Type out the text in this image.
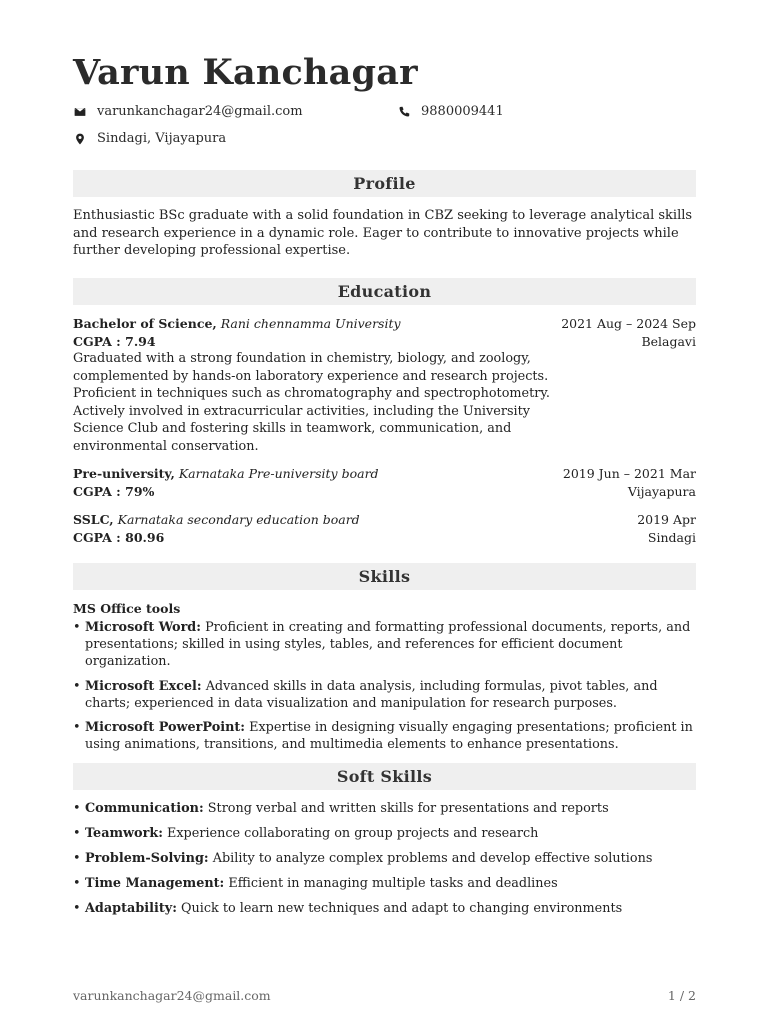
Varun Kanchagar
varunkanchagar24@gmail.com	9880009441
Sindagi, Vijayapura
Profile
Enthusiastic BSc graduate with a solid foundation in CBZ seeking to leverage analytical skills and research experience in a dynamic role. Eager to contribute to innovative projects while further developing professional expertise.
Education
Bachelor of Science, Rani chennamma University	2021 Aug – 2024 Sep
CGPA : 7.94	Belagavi
Graduated with a strong foundation in chemistry, biology, and zoology, complemented by hands-on laboratory experience and research projects. Proficient in techniques such as chromatography and spectrophotometry. Actively involved in extracurricular activities, including the University Science Club and fostering skills in teamwork, communication, and environmental conservation.
Pre-university, Karnataka Pre-university board	2019 Jun – 2021 Mar
CGPA : 79%	Vijayapura
SSLC, Karnataka secondary education board	2019 Apr
CGPA : 80.96	Sindagi
Skills
MS Office tools
• Microsoft Word: Proficient in creating and formatting professional documents, reports, and presentations; skilled in using styles, tables, and references for efficient document organization.
• Microsoft Excel: Advanced skills in data analysis, including formulas, pivot tables, and charts; experienced in data visualization and manipulation for research purposes.
• Microsoft PowerPoint: Expertise in designing visually engaging presentations; proficient in using animations, transitions, and multimedia elements to enhance presentations.
Soft Skills
• Communication: Strong verbal and written skills for presentations and reports
• Teamwork: Experience collaborating on group projects and research
• Problem-Solving: Ability to analyze complex problems and develop effective solutions
• Time Management: Efficient in managing multiple tasks and deadlines
• Adaptability: Quick to learn new techniques and adapt to changing environments
varunkanchagar24@gmail.com	1 / 2
